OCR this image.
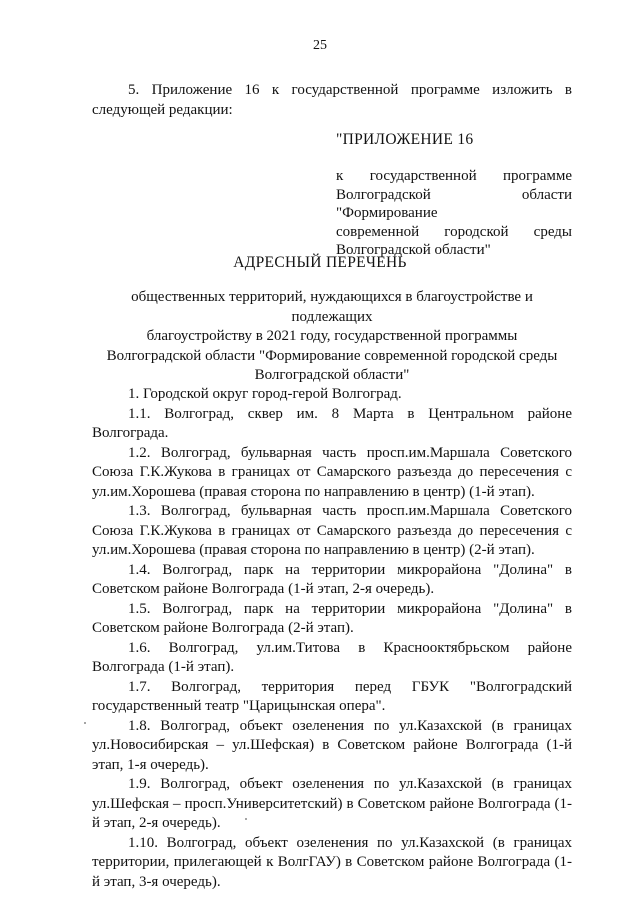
25

5. Приложение 16 к государственной программе изложить в следующей редакции:

"ПРИЛОЖЕНИЕ 16
к государственной программе
Волгоградской области "Формирование
современной городской среды
Волгоградской области"
АДРЕСНЫЙ ПЕРЕЧЕНЬ
общественных территорий, нуждающихся в благоустройстве и подлежащих
благоустройству в 2021 году, государственной программы
Волгоградской области "Формирование современной городской среды
Волгоградской области"

1. Городской округ город-герой Волгоград.

1.1. Волгоград, сквер им. 8 Марта в Центральном районе Волгограда.

1.2. Волгоград, бульварная часть просп.им.Маршала Советского Союза Г.К.Жукова в границах от Самарского разъезда до пересечения с ул.им.Хорошева (правая сторона по направлению в центр) (1-й этап).

1.3. Волгоград, бульварная часть просп.им.Маршала Советского Союза Г.К.Жукова в границах от Самарского разъезда до пересечения с ул.им.Хорошева (правая сторона по направлению в центр) (2-й этап).

1.4. Волгоград, парк на территории микрорайона "Долина" в Советском районе Волгограда (1-й этап, 2-я очередь).

1.5. Волгоград, парк на территории микрорайона "Долина" в Советском районе Волгограда (2-й этап).

1.6. Волгоград, ул.им.Титова в Краснооктябрьском районе Волгограда (1-й этап).

1.7. Волгоград, территория перед ГБУК "Волгоградский государственный театр "Царицынская опера".

1.8. Волгоград, объект озеленения по ул.Казахской (в границах ул.Новосибирская – ул.Шефская) в Советском районе Волгограда (1-й этап, 1-я очередь).

1.9. Волгоград, объект озеленения по ул.Казахской (в границах ул.Шефская – просп.Университетский) в Советском районе Волгограда (1-й этап, 2-я очередь).

1.10. Волгоград, объект озеленения по ул.Казахской (в границах территории, прилегающей к ВолгГАУ) в Советском районе Волгограда (1-й этап, 3-я очередь).
